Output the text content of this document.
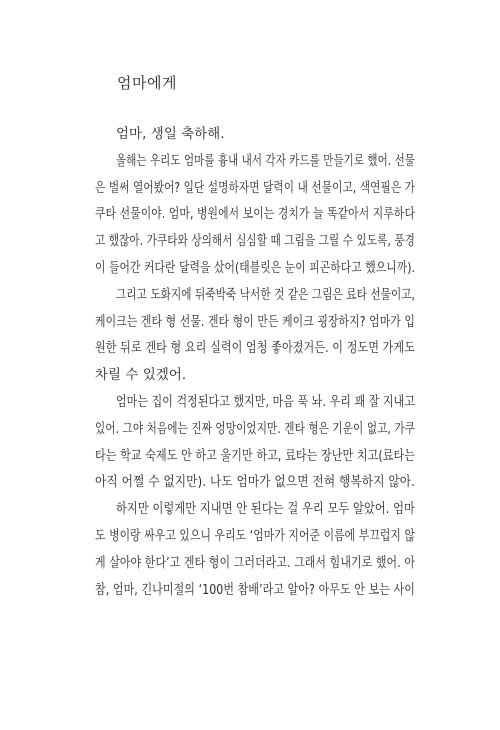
엄마에게
엄마, 생일 축하해.
올해는 우리도 엄마를 흉내 내서 각자 카드를 만들기로 했어. 선물
은 벌써 열어봤어? 일단 설명하자면 달력이 내 선물이고, 색연필은 가
쿠타 선물이야. 엄마, 병원에서 보이는 경치가 늘 똑같아서 지루하다
고 했잖아. 가쿠타와 상의해서 심심할 때 그림을 그릴 수 있도록, 풍경
이 들어간 커다란 달력을 샀어(태블릿은 눈이 피곤하다고 했으니까).
그리고 도화지에 뒤죽박죽 낙서한 것 같은 그림은 료타 선물이고,
케이크는 겐타 형 선물. 겐타 형이 만든 케이크 굉장하지? 엄마가 입
원한 뒤로 겐타 형 요리 실력이 엄청 좋아졌거든. 이 정도면 가게도
차릴 수 있겠어.
엄마는 집이 걱정된다고 했지만, 마음 푹 놔. 우리 꽤 잘 지내고
있어. 그야 처음에는 진짜 엉망이었지만. 겐타 형은 기운이 없고, 가쿠
타는 학교 숙제도 안 하고 울기만 하고, 료타는 장난만 치고(료타는
아직 어쩔 수 없지만). 나도 엄마가 없으면 전혀 행복하지 않아.
하지만 이렇게만 지내면 안 된다는 걸 우리 모두 알았어. 엄마
도 병이랑 싸우고 있으니 우리도 ‘엄마가 지어준 이름에 부끄럽지 않
게 살아야 한다’고 겐타 형이 그러더라고. 그래서 힘내기로 했어. 아
참, 엄마, 긴나미절의 ‘100번 참배’라고 알아? 아무도 안 보는 사이
